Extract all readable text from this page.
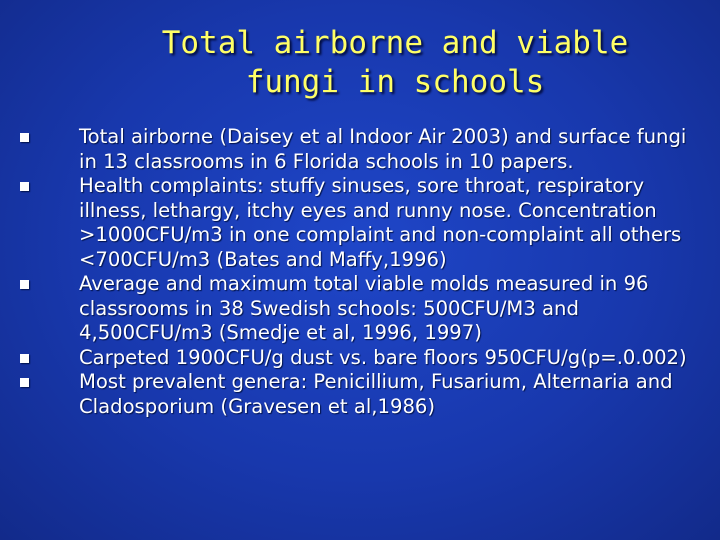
Total airborne and viable
fungi in schools
Total airborne (Daisey et al Indoor Air 2003) and surface fungi in 13 classrooms in 6 Florida schools in 10 papers.
Health complaints: stuffy sinuses, sore throat, respiratory illness, lethargy, itchy eyes and runny nose. Concentration >1000CFU/m3 in one complaint and non-complaint all others <700CFU/m3 (Bates and Maffy,1996)
Average and maximum total viable molds measured in 96 classrooms in 38 Swedish schools: 500CFU/M3 and 4,500CFU/m3 (Smedje et al, 1996, 1997)
Carpeted 1900CFU/g dust vs. bare floors 950CFU/g(p=.0.002)
Most prevalent genera: Penicillium, Fusarium, Alternaria and Cladosporium (Gravesen et al,1986)
